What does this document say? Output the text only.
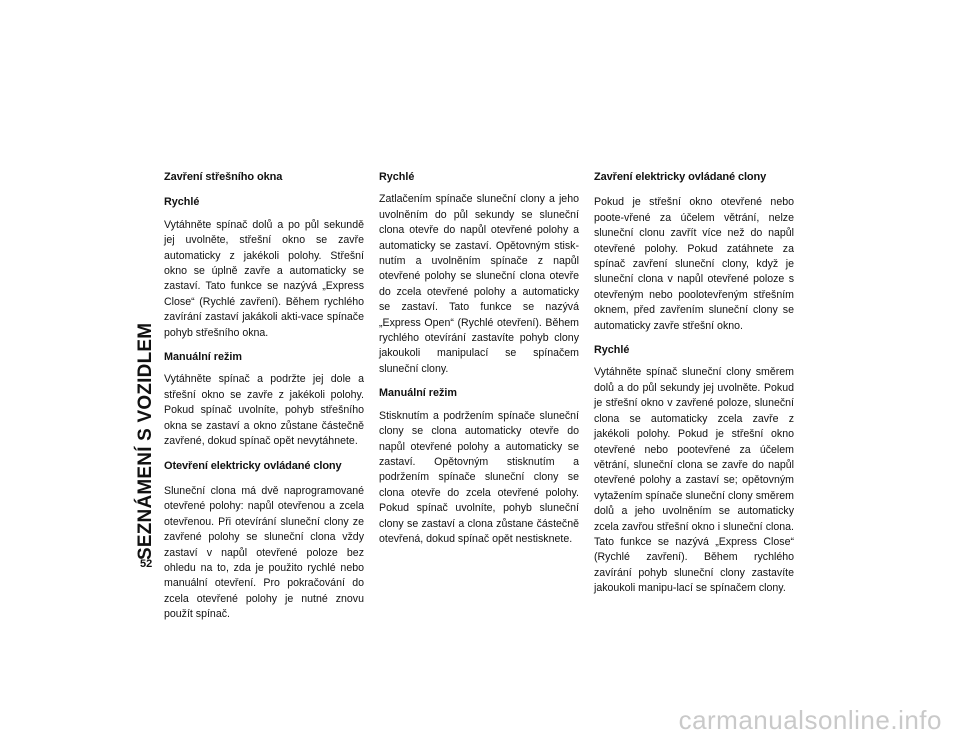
SEZNÁMENÍ S VOZIDLEM
Zavření střešního okna
Rychlé

Vytáhněte spínač dolů a po půl sekundě jej uvolněte, střešní okno se zavře automaticky z jakékoli polohy. Střešní okno se úplně zavře a automaticky se zastaví. Tato funkce se nazývá „Express Close“ (Rychlé zavření). Během rychlého zavírání zastaví jakákoli akti-vace spínače pohyb střešního okna.

Manuální režim

Vytáhněte spínač a podržte jej dole a střešní okno se zavře z jakékoli polohy. Pokud spínač uvolníte, pohyb střešního okna se zastaví a okno zůstane částečně zavřené, dokud spínač opět nevytáhnete.

Otevření elektricky ovládané clony

Sluneční clona má dvě naprogramované otevřené polohy: napůl otevřenou a zcela otevřenou. Při otevírání sluneční clony ze zavřené polohy se sluneční clona vždy zastaví v napůl otevřené poloze bez ohledu na to, zda je použito rychlé nebo manuální otevření. Pro pokračování do zcela otevřené polohy je nutné znovu použít spínač.

Rychlé

Zatlačením spínače sluneční clony a jeho uvolněním do půl sekundy se sluneční clona otevře do napůl otevřené polohy a automaticky se zastaví. Opětovným stisk-nutím a uvolněním spínače z napůl otevřené polohy se sluneční clona otevře do zcela otevřené polohy a automaticky se zastaví. Tato funkce se nazývá „Express Open“ (Rychlé otevření). Během rychlého otevírání zastavíte pohyb clony jakoukoli manipulací se spínačem sluneční clony.

Manuální režim

Stisknutím a podržením spínače sluneční clony se clona automaticky otevře do napůl otevřené polohy a automaticky se zastaví. Opětovným stisknutím a podržením spínače sluneční clony se clona otevře do zcela otevřené polohy. Pokud spínač uvolníte, pohyb sluneční clony se zastaví a clona zůstane částečně otevřená, dokud spínač opět nestisknete.

Zavření elektricky ovládané clony

Pokud je střešní okno otevřené nebo poote-vřené za účelem větrání, nelze sluneční clonu zavřít více než do napůl otevřené polohy. Pokud zatáhnete za spínač zavření sluneční clony, když je sluneční clona v napůl otevřené poloze s otevřeným nebo poolotevřeným střešním oknem, před zavřením sluneční clony se automaticky zavře střešní okno.

Rychlé

Vytáhněte spínač sluneční clony směrem dolů a do půl sekundy jej uvolněte. Pokud je střešní okno v zavřené poloze, sluneční clona se automaticky zcela zavře z jakékoli polohy. Pokud je střešní okno otevřené nebo pootevřené za účelem větrání, sluneční clona se zavře do napůl otevřené polohy a zastaví se; opětovným vytažením spínače sluneční clony směrem dolů a jeho uvolněním se automaticky zcela zavřou střešní okno i sluneční clona. Tato funkce se nazývá „Express Close“ (Rychlé zavření). Během rychlého zavírání pohyb sluneční clony zastavíte jakoukoli manipu-lací se spínačem clony.

52
carmanualsonline.info
